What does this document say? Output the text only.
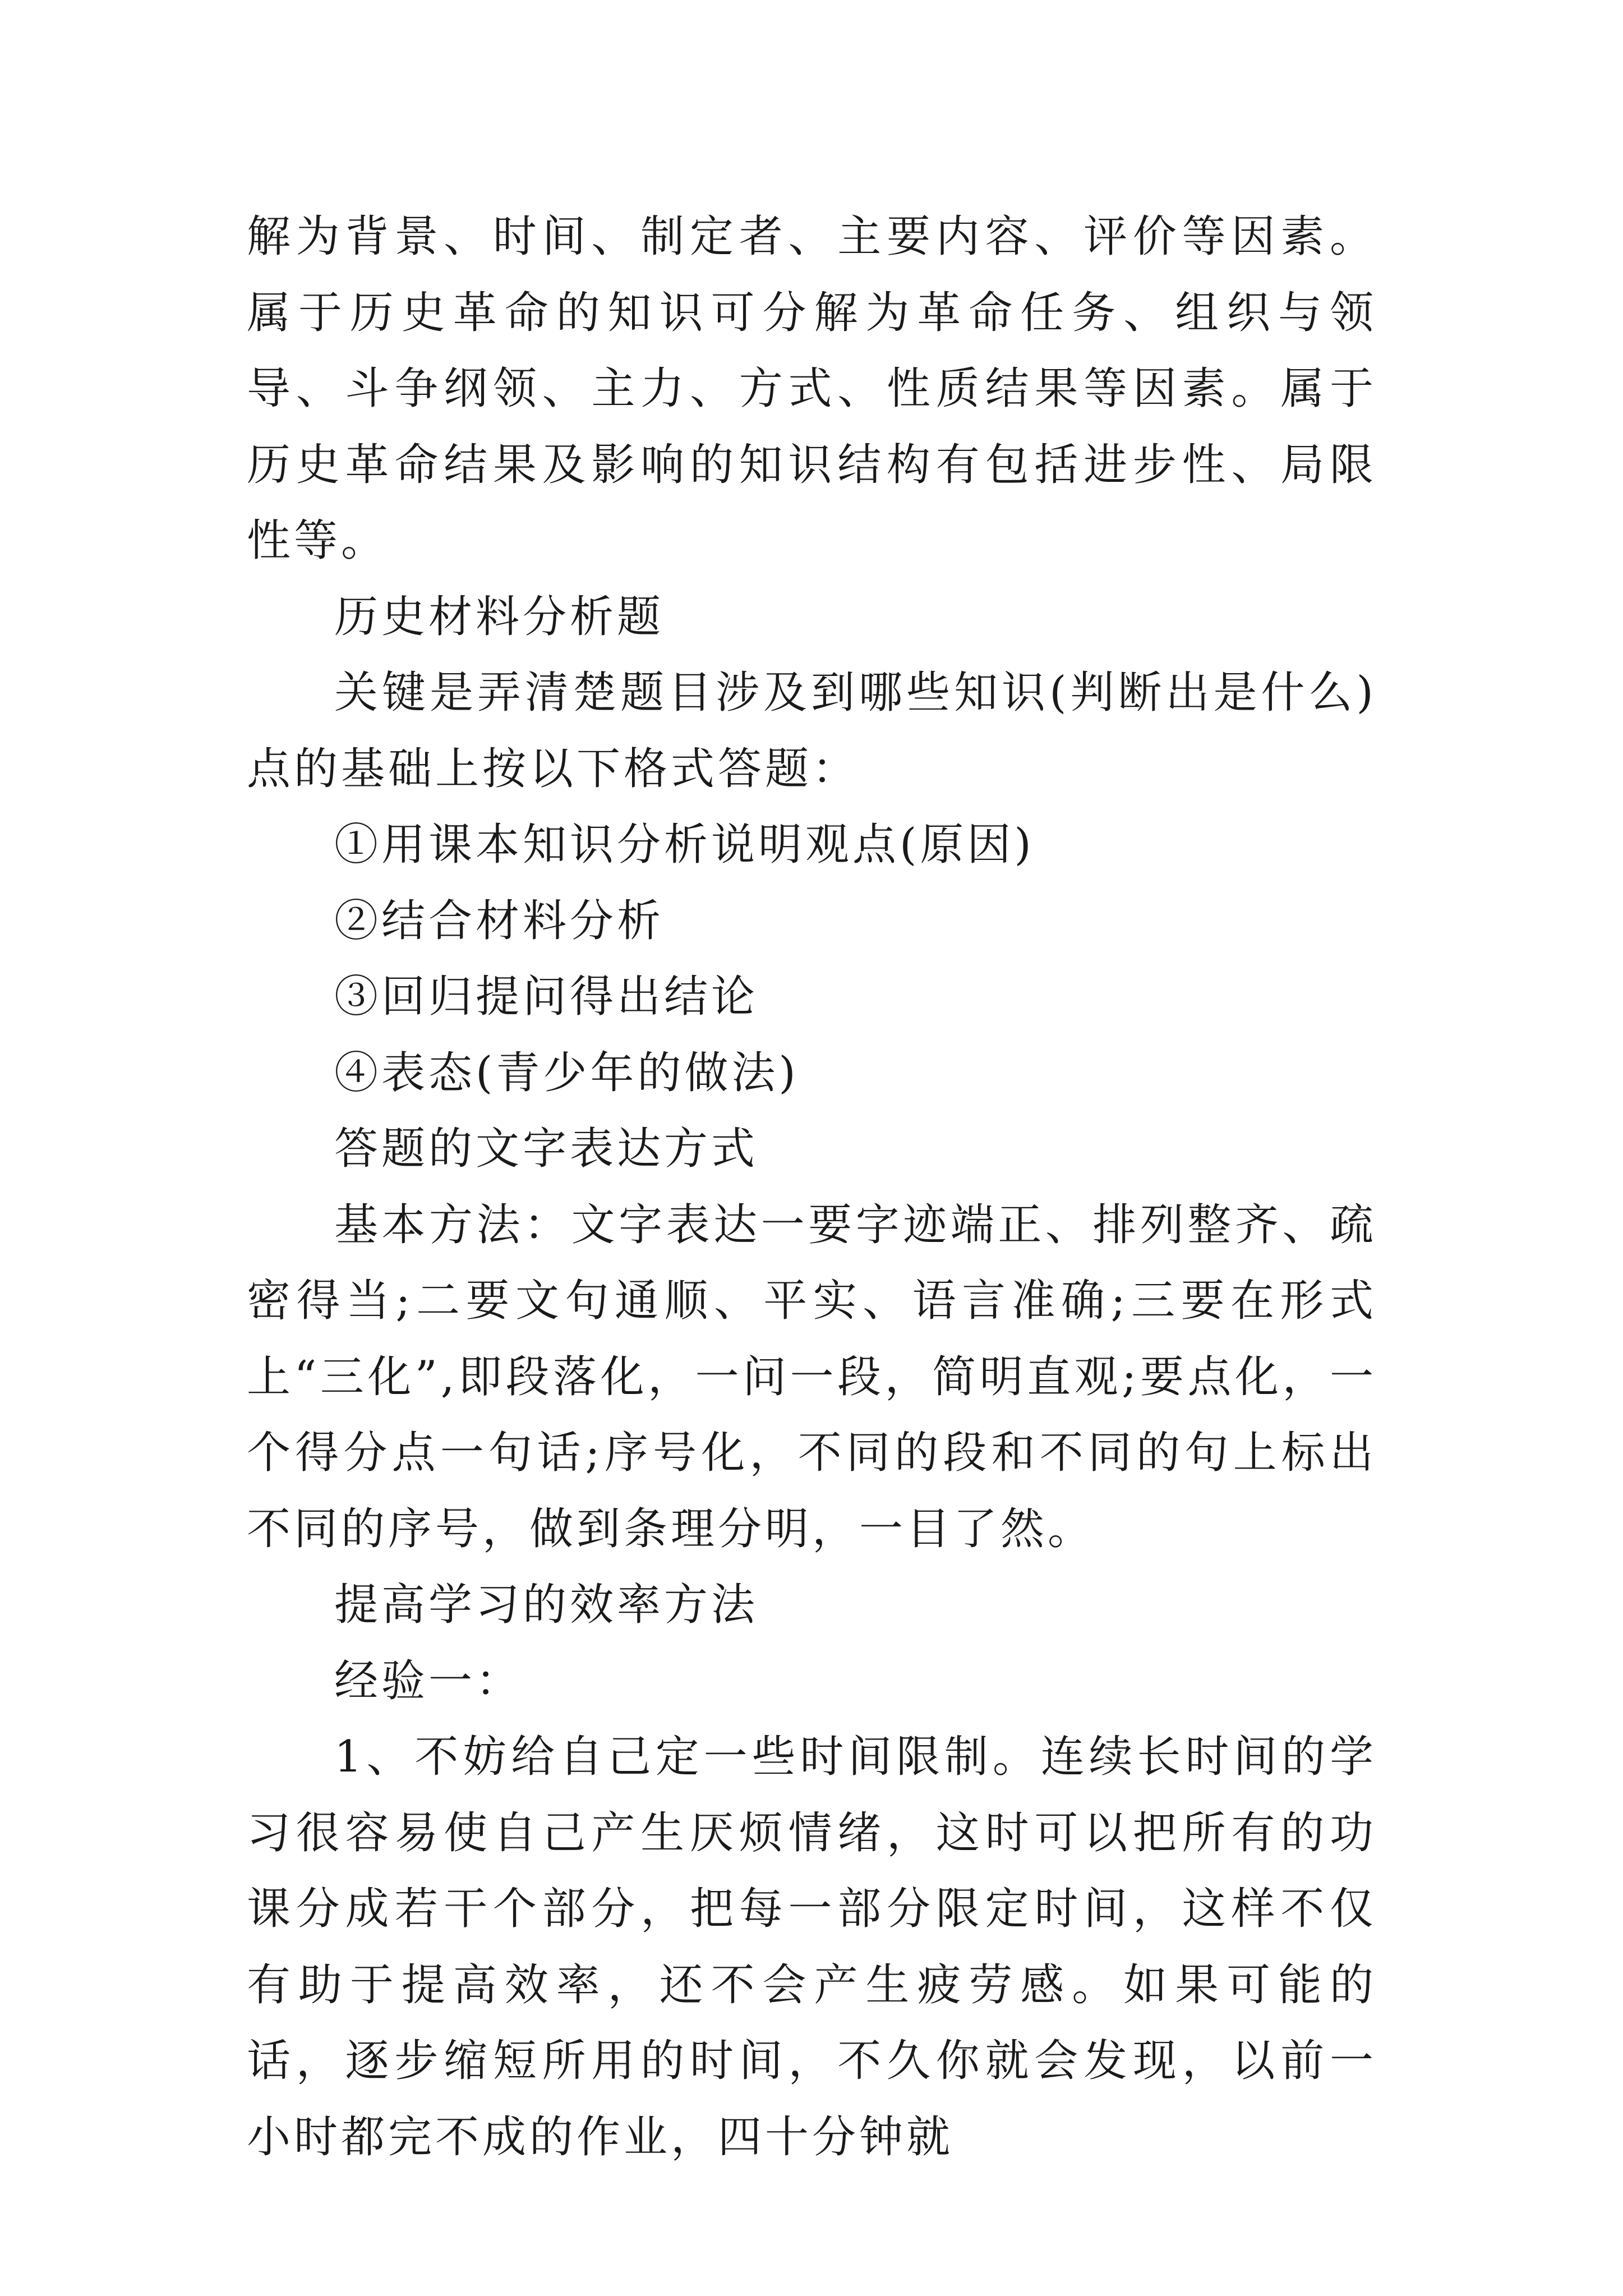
解为背景、时间、制定者、主要内容、评价等因素。属于历史革命的知识可分解为革命任务、组织与领导、斗争纲领、主力、方式、性质结果等因素。属于历史革命结果及影响的知识结构有包括进步性、局限性等。

历史材料分析题

关键是弄清楚题目涉及到哪些知识(判断出是什么)点的基础上按以下格式答题：

①用课本知识分析说明观点(原因)

②结合材料分析

③回归提问得出结论

④表态(青少年的做法)

答题的文字表达方式

基本方法：文字表达一要字迹端正、排列整齐、疏密得当;二要文句通顺、平实、语言准确;三要在形式上“三化”,即段落化，一问一段，简明直观;要点化，一个得分点一句话;序号化，不同的段和不同的句上标出不同的序号，做到条理分明，一目了然。

提高学习的效率方法

经验一：

1、不妨给自己定一些时间限制。连续长时间的学习很容易使自己产生厌烦情绪，这时可以把所有的功课分成若干个部分，把每一部分限定时间，这样不仅有助于提高效率，还不会产生疲劳感。如果可能的话，逐步缩短所用的时间，不久你就会发现，以前一小时都完不成的作业，四十分钟就
